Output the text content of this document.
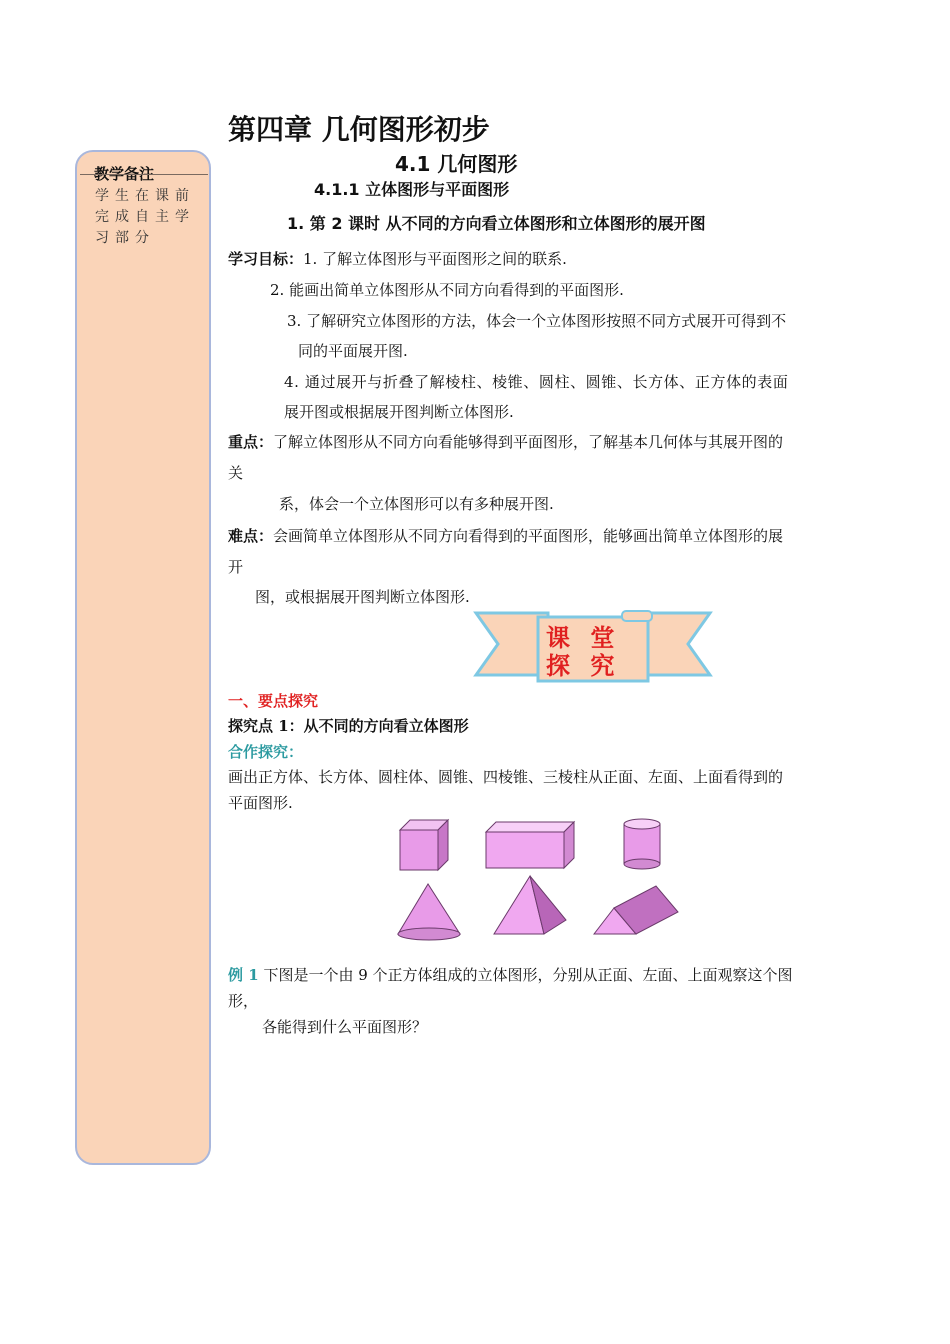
教学备注
学生在课前完成自主学习部分
第四章 几何图形初步
4.1 几何图形
4.1.1 立体图形与平面图形
1. 第 2 课时 从不同的方向看立体图形和立体图形的展开图
学习目标：1. 了解立体图形与平面图形之间的联系.
2. 能画出简单立体图形从不同方向看得到的平面图形.
3. 了解研究立体图形的方法，体会一个立体图形按照不同方式展开可得到不
同的平面展开图.
4. 通过展开与折叠了解棱柱、棱锥、圆柱、圆锥、长方体、正方体的表面
展开图或根据展开图判断立体图形.
重点：了解立体图形从不同方向看能够得到平面图形，了解基本几何体与其展开图的
关
系，体会一个立体图形可以有多种展开图.
难点：会画简单立体图形从不同方向看得到的平面图形，能够画出简单立体图形的展
开
图，或根据展开图判断立体图形.
课 堂 探 究
一、要点探究
探究点 1：从不同的方向看立体图形
合作探究：
画出正方体、长方体、圆柱体、圆锥、四棱锥、三棱柱从正面、左面、上面看得到的
平面图形.
例 1 下图是一个由 9 个正方体组成的立体图形，分别从正面、左面、上面观察这个图
形，
各能得到什么平面图形？
